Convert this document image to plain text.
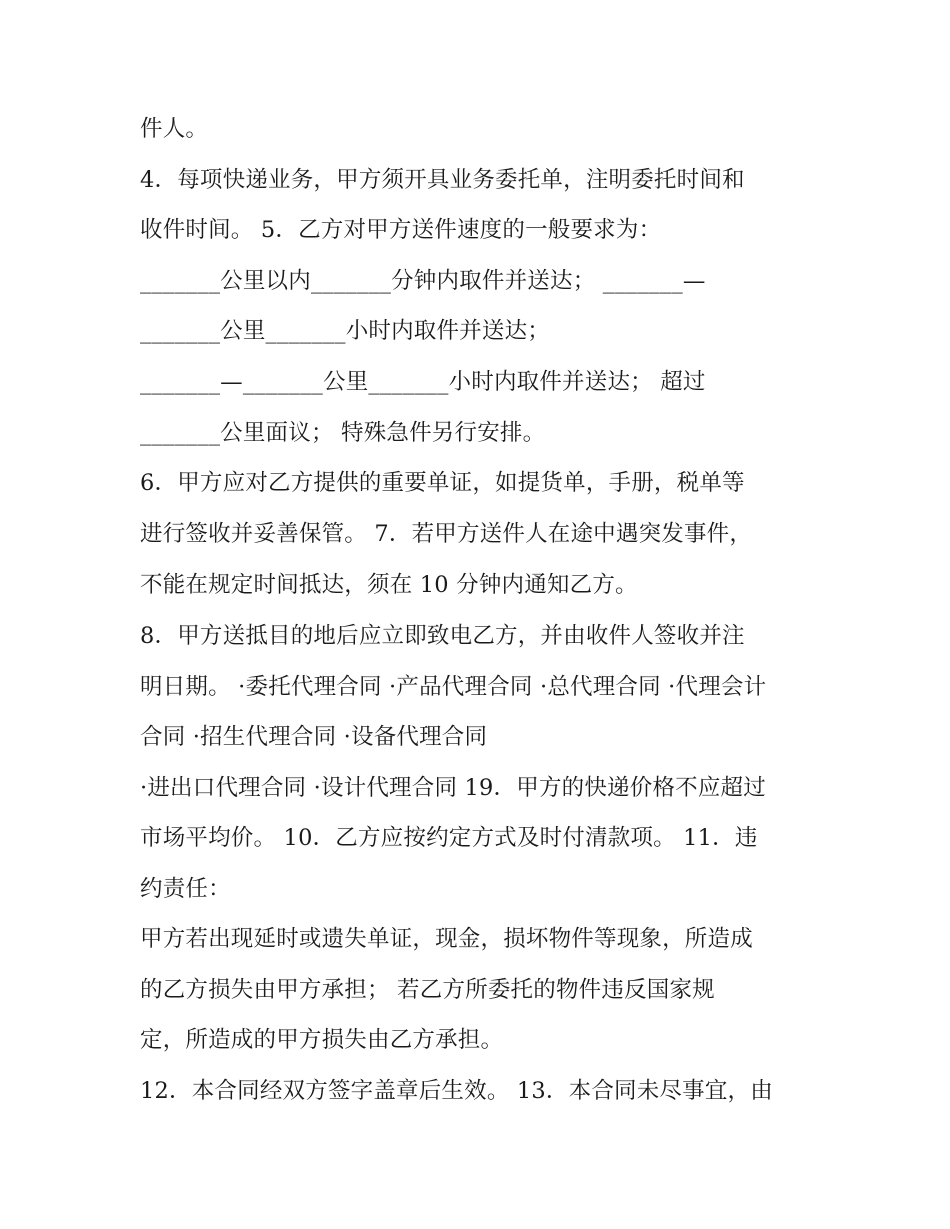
件人。
4．每项快递业务，甲方须开具业务委托单，注明委托时间和
收件时间。 5．乙方对甲方送件速度的一般要求为：
_______公里以内_______分钟内取件并送达； _______—
_______公里_______小时内取件并送达；
_______—_______公里_______小时内取件并送达； 超过
_______公里面议； 特殊急件另行安排。
6．甲方应对乙方提供的重要单证，如提货单，手册，税单等
进行签收并妥善保管。 7．若甲方送件人在途中遇突发事件，
不能在规定时间抵达，须在 10 分钟内通知乙方。
8．甲方送抵目的地后应立即致电乙方，并由收件人签收并注
明日期。 ·委托代理合同 ·产品代理合同 ·总代理合同 ·代理会计
合同 ·招生代理合同 ·设备代理合同
·进出口代理合同 ·设计代理合同 19．甲方的快递价格不应超过
市场平均价。 10．乙方应按约定方式及时付清款项。 11．违
约责任：
甲方若出现延时或遗失单证，现金，损坏物件等现象，所造成
的乙方损失由甲方承担； 若乙方所委托的物件违反国家规
定，所造成的甲方损失由乙方承担。
12．本合同经双方签字盖章后生效。 13．本合同未尽事宜，由
